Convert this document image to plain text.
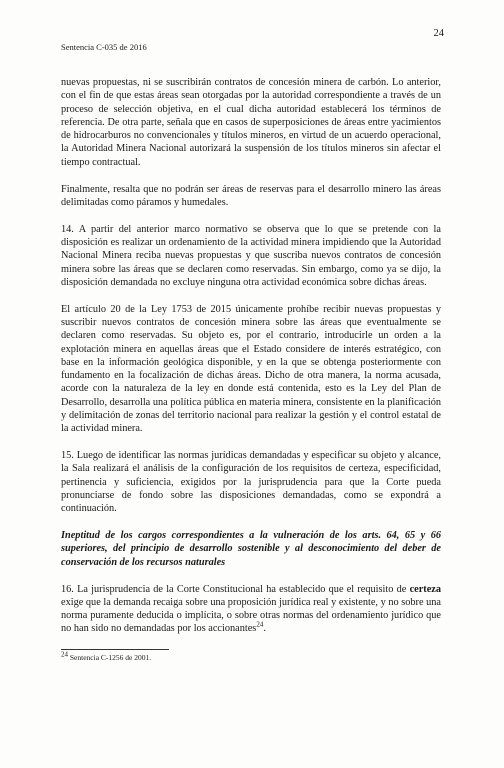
24
Sentencia C-035 de 2016

nuevas propuestas, ni se suscribirán contratos de concesión minera de carbón. Lo anterior, con el fin de que estas áreas sean otorgadas por la autoridad correspondiente a través de un proceso de selección objetiva, en el cual dicha autoridad establecerá los términos de referencia. De otra parte, señala que en casos de superposiciones de áreas entre yacimientos de hidrocarburos no convencionales y títulos mineros, en virtud de un acuerdo operacional, la Autoridad Minera Nacional autorizará la suspensión de los títulos mineros sin afectar el tiempo contractual.

Finalmente, resalta que no podrán ser áreas de reservas para el desarrollo minero las áreas delimitadas como páramos y humedales.

14. A partir del anterior marco normativo se observa que lo que se pretende con la disposición es realizar un ordenamiento de la actividad minera impidiendo que la Autoridad Nacional Minera reciba nuevas propuestas y que suscriba nuevos contratos de concesión minera sobre las áreas que se declaren como reservadas. Sin embargo, como ya se dijo, la disposición demandada no excluye ninguna otra actividad económica sobre dichas áreas.

El artículo 20 de la Ley 1753 de 2015 únicamente prohíbe recibir nuevas propuestas y suscribir nuevos contratos de concesión minera sobre las áreas que eventualmente se declaren como reservadas. Su objeto es, por el contrario, introducirle un orden a la explotación minera en aquellas áreas que el Estado considere de interés estratégico, con base en la información geológica disponible, y en la que se obtenga posteriormente con fundamento en la focalización de dichas áreas. Dicho de otra manera, la norma acusada, acorde con la naturaleza de la ley en donde está contenida, esto es la Ley del Plan de Desarrollo, desarrolla una política pública en materia minera, consistente en la planificación y delimitación de zonas del territorio nacional para realizar la gestión y el control estatal de la actividad minera.

15. Luego de identificar las normas jurídicas demandadas y especificar su objeto y alcance, la Sala realizará el análisis de la configuración de los requisitos de certeza, especificidad, pertinencia y suficiencia, exigidos por la jurisprudencia para que la Corte pueda pronunciarse de fondo sobre las disposiciones demandadas, como se expondrá a continuación.

Ineptitud de los cargos correspondientes a la vulneración de los arts. 64, 65 y 66 superiores, del principio de desarrollo sostenible y al desconocimiento del deber de conservación de los recursos naturales

16. La jurisprudencia de la Corte Constitucional ha establecido que el requisito de certeza exige que la demanda recaiga sobre una proposición jurídica real y existente, y no sobre una norma puramente deducida o implícita, o sobre otras normas del ordenamiento jurídico que no han sido no demandadas por los accionantes$^{24}$.

$^{24}$ Sentencia C-1256 de 2001.
